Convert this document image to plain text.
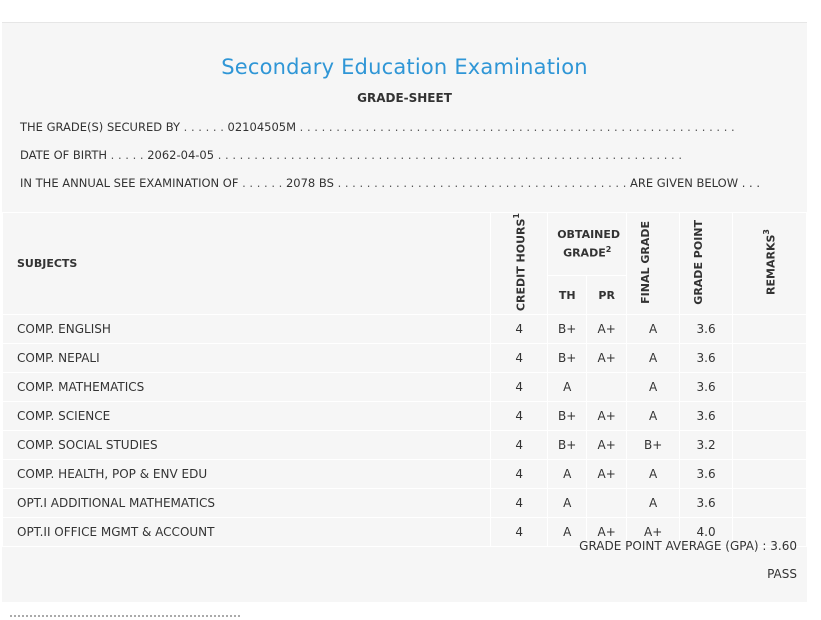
Secondary Education Examination
GRADE-SHEET
THE GRADE(S) SECURED BY . . . . . . 02104505M . . . . . . . . . . . . . . . . . . . . . . . . . . . . . . . . . . . . . . . . . . . . . . . . . . . . . . . . . . . .
DATE OF BIRTH . . . . . 2062-04-05 . . . . . . . . . . . . . . . . . . . . . . . . . . . . . . . . . . . . . . . . . . . . . . . . . . . . . . . . . . . . . . . .
IN THE ANNUAL SEE EXAMINATION OF . . . . . . 2078 BS . . . . . . . . . . . . . . . . . . . . . . . . . . . . . . . . . . . . . . . . ARE GIVEN BELOW . . .
SUBJECTS	CREDIT HOURS$^1$	OBTAINED GRADE$^2$		FINAL GRADE	GRADE POINT	REMARKS$^3$
		TH	PR			
COMP. ENGLISH	4	B+	A+	A	3.6	
COMP. NEPALI	4	B+	A+	A	3.6	
COMP. MATHEMATICS	4	A		A	3.6	
COMP. SCIENCE	4	B+	A+	A	3.6	
COMP. SOCIAL STUDIES	4	B+	A+	B+	3.2	
COMP. HEALTH, POP & ENV EDU	4	A	A+	A	3.6	
OPT.I ADDITIONAL MATHEMATICS	4	A		A	3.6	
OPT.II OFFICE MGMT & ACCOUNT	4	A	A+	A+	4.0	
GRADE POINT AVERAGE (GPA) : 3.60
PASS
